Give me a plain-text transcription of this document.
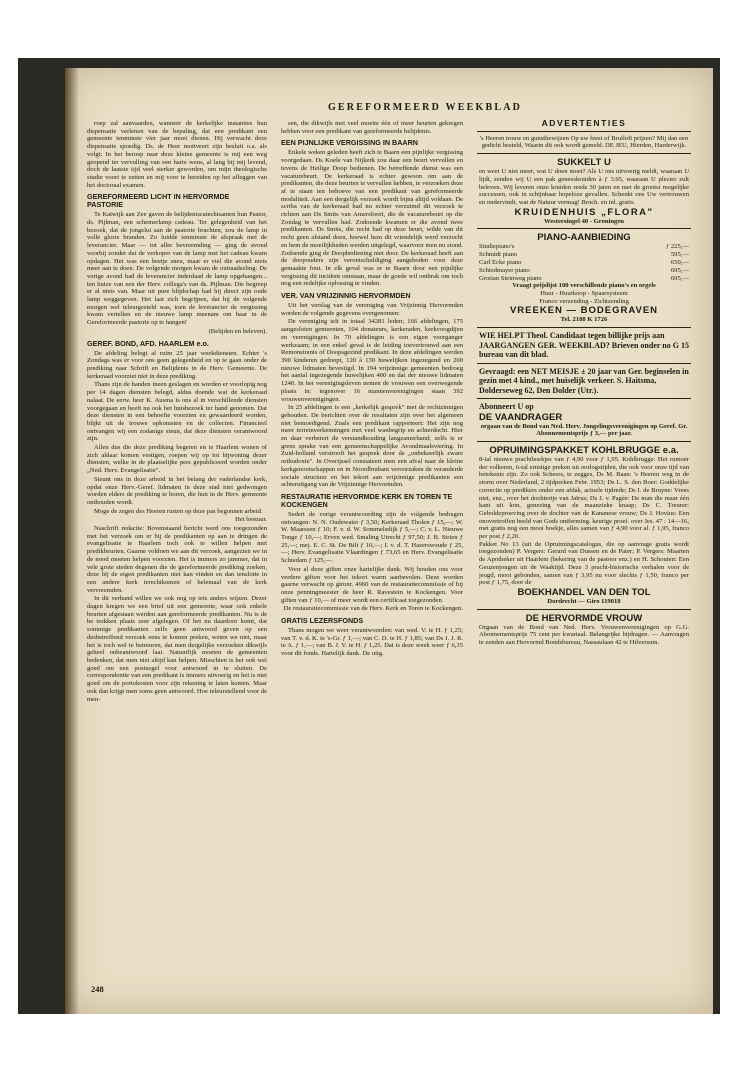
GEREFORMEERD WEEKBLAD

roep zal aanvaarden, wanneer de kerkelijke instanties hun dispensatie verlenen van de bepaling, dat een predikant een gemeente tenminste vier jaar moet dienen. Hij verwacht deze dispensatie spoedig. Ds. de Heer motiveert zijn besluit o.a. als volgt: In het beroep naar deze kleine gemeente is mij een weg geopend ter vervulling van een harte wens, al lang bij mij levend, doch de laatste tijd veel sterker geworden, om mijn theologische studie voort te zetten en mij voor te bereiden op het afleggen van het doctoraal examen.

GEREFORMEERD LICHT IN HERVORMDE PASTORIE

Te Katwijk aan Zee gaven de belijdeniscatechisanten hun Pastor, ds. Pijlman, een schemerlamp cadeau. Ter gelegenheid van het bezoek, dat de jongelui aan de pastorie brachten, zou de lamp in volle glorie branden. Zo luidde tenminste de afspraak met de leverancier. Maar — tot aller bevreemding — ging de avond voorbij zonder dat de verkoper van de lamp met het cadeau kwam opdagen. Het was een beetje sneu, maar er viel die avond niets meer aan te doen. De volgende morgen kwam de ontraadseling: De vorige avond had de leverancier inderdaad de lamp opgehangen... ten huize van een der Herv. collega's van ds. Pijlman. Die begreep er al niets van. Maar uit pure blijdschap had hij direct zijn oude lamp weggegeven. Het laat zich begrijpen, dat hij de volgende morgen wel teleurgesteld was, toen de leverancier de vergissing kwam vertellen en de nieuwe lamp meenam om haar in de Gereformeerde pastorie op te hangen!

(Belijden en beleven).

GEREF. BOND, AFD. HAARLEM e.o.

De afdeling belegt al ruim 25 jaar weekdiensten. Echter 's Zondags was er voor ons geen gelegenheid en op te gaan onder de prediking naar Schrift en Belijdenis in de Herv. Gemeente. De kerkeraad voorziet niet in deze prediking.

Thans zijn de handen ineen geslagen en worden er voorlopig nog per 14 dagen diensten belegd, aldus doende wat de kerkeraad nalaat. De eerw. heer K. Ausma is ons al in verschillende diensten voorgegaan en heeft nu ook het huisbezoek ter hand genomen. Dat deze diensten in een behoefte voorzien en gewaardeerd worden, blijkt uit de trouwe opkomsten en de collecten. Financieel ontvangen wij een zodanige steun, dat deze diensten verantwoord zijn.

Allen dus die deze prediking begeren en te Haarlem wonen of zich aldaar komen vestigen, roepen wij op tot bijwoning dezer diensten, welke in de plaatselijke pers gepubliceerd worden onder „Ned. Herv. Evangelisatie".

Steunt ons in deze arbeid in het belang der vaderlandse kerk, opdat onze Herv.-Geref. lidmaten in deze stad niet gedwongen worden elders de prediking te horen, die hun in de Herv. gemeente onthouden wordt.

Moge de zegen des Heeren rusten op deze pas begonnen arbeid.

Het bestuur.

Naschrift redactie: Bovenstaand bericht werd ons toegezonden met het verzoek om er bij de predikanten op aan te dringen de evangelisatie te Haarlem toch ook te willen helpen met predikbeurten. Gaarne voldoen we aan dit verzoek, aangezien we in de nood moeten helpen voorzien. Het is immers zo jammer, dat in vele grote steden degenen die de gereformeerde prediking zoeken, deze bij de eigen predikanten niet kan vinden en dan tenslotte in een andere kerk terechtkomen of helemaal van de kerk vervreemden.

In dit verband willen we ook nog op iets anders wijzen. Dezer dagen kregen we een brief uit een gemeente, waar ook enkele beurten afgestaan werden aan gereformeerde predikanten. Nu is de be trokken plaats zeer afgelegen. Of het nu daardoor komt, dat sommige predikanten zelfs geen antwoord geven op een desbetreffend verzoek eens te komen preken, weten we niet, maar het is toch wel te betreuren, dat men dergelijke verzoeken dikwijls geheel onbeantwoord laat. Natuurlijk moeten de gemeenten bedenken, dat men niet altijd kan helpen. Misschien is het ook wel goed om een postzegel voor antwoord in te sluiten. De correspondentie van een predikant is immers uitvoerig en het is niet goed om de portokosten voor zijn rekening te laten komen. Maar ook dan krijgt men soms geen antwoord. Hoe teleurstellend voor de men-

sen, die dikwijls met veel moeite één of meer beurten gekregen hebben voor een predikant van gereformeerde belijdenis.

EEN PIJNLIJKE VERGISSING IN BAARN

Enkele weken geleden heeft zich te Baarn een pijnlijke vergissing voorgedaan. Ds Koele van Nijkerk zou daar een beurt vervullen en tevens de Heilige Doop bedienen. De betreffende dienst was een vacaturebeurt. De kerkeraad is echter gewoon om aan de predikanten, die deze beurten te vervullen hebben, te verzoeken deze af te staan ten behoeve van een predikant van gereformeerde modaliteit. Aan een dergelijk verzoek wordt bijna altijd voldaan. De scriba van de kerkeraad had nu echter verzuimd dit verzoek te richten aan Ds Smits van Amersfoort, die de vacaturebeurt op die Zondag te vervullen had. Zodoende kwamen er die avond twee predikanten. Ds Smits, die recht had op deze beurt, wilde van dit recht geen afstand doen, hoewel hem dit vriendelijk werd verzocht en hem de moeilijkheden werden uitgelegd, waarvoor men nu stond. Zodoende ging de Doopbediening niet door. De kerkeraad heeft aan de doopouders zijn verontschuldiging aangeboden voor deze gemaakte fout. In elk geval was er te Baarn door een pijnlijke vergissing dit incident ontstaan, maar de goede wil ontbrak om toch nog een redelijke oplossing te vinden.

VER. VAN VRIJZINNIG HERVORMDEN

Uit het verslag van de vereniging van Vrijzinnig Hervormden worden de volgende gegevens overgenomen:

De vereniging telt in totaal 34281 leden; 166 afdelingen, 175 aangesloten gemeenten, 104 donateurs, kerkeraden, kerkvoogdijen en verenigingen. In 70 afdelingen is een eigen voorganger werkzaam; in een enkel geval is de leiding toevertrouwd aan een Remonstrants of Doopsgezind predikant. In deze afdelingen werden 390 kinderen gedoopt, 120 à 130 huwelijken ingezegend en 200 nieuwe lidmaten bevestigd. In 194 vrijzinnige gemeenten bedroeg het aantal ingezegende huwelijken 400 en dat der nieuwe lidmaten 1240. In het verenigingsleven nemen de vrouwen een overwegende plaats in: tegenover 16 mannenverenigingen staan 392 vrouwenverenigingen.

In 25 afdelingen is een „kerkelijk gesprek" met de rechtzinnigen gehouden. De berichten over de resultaten zijn over het algemeen niet bemoedigend. Zoals een predikant rapporteert: Het zijn nog meer terreinverkenningen met veel wanbegrip en achterdocht. Hier en daar verbetert de verstandhouding langzamerhand; zelfs is er grens sprake van een gemeenschappelijke Avondmaalsviering. In Zuid-holland verstrooft het gesprek door de „onbekeerlijk zware orthodoxie". In Overijssel constateert men een afval naar de kleine kerkgenootschappen en in Noordbrabant veroorzaken de veranderde sociale structuur en het tekort aan vrijzinnige predikanten een achteruitgang van de Vrijzinnige Hervormden.

RESTAURATIE HERVORMDE KERK EN TOREN TE KOCKENGEN

Sedert de vorige verantwoording zijn de volgende bedragen ontvangen: N. N. Oudewater ƒ 3,50; Kerkeraad Tholen ƒ 15,—; W. W. Maarssen ƒ 10; F. v. d. W. Sommelsdijk ƒ 5,—; C. v. L. Nieuwe Tonge ƒ 10,—; Erven wed. Smaling Utrecht ƒ 97,50; J. B. Strien ƒ 25,—; mej. E. C. St. De Bilt ƒ 10,—; I. v. d. T. Hazerswoude ƒ 25,—; Herv. Evangelisatie Vlaardingen ƒ 73,65 en Herv. Evangelisatie Schiedam ƒ 125,—.

Voor al deze giften onze hartelijke dank. Wij houden ons voor verdere giften voor het tekort warm aanbevolen. Deze worden gaarne verwacht op gironr. 4960 van de restauratiecommissie of bij onze penningmeester de heer R. Ravestein te Kockengen. Voor giften van ƒ 10,— of meer wordt een certificaat toegezonden.

De restauratiecommissie van de Herv. Kerk en Toren te Kockengen.

GRATIS LEZERSFONDS

Thans mogen we weer verantwoorden: van wed. V. te H. ƒ 1,25; van T. v. d. K. te 's-Gr. ƒ 1,—; van C. D. te H. ƒ 1,85; van Ds J. J. R. te A. ƒ 1,—; van B. J. V. te H. ƒ 1,25. Dat is deze week weer ƒ 6,35 voor dit fonds. Hartelijk dank. De uitg.

ADVERTENTIES
's Heeren trouw en gunstbewijzen Op uw feest of Bruiloft prijzen? Mij dan een gedicht besteld, Waarin dit ook wordt gemeld. DE JEU, Hierden, Harderwijk.
SUKKELT U
en weet U niet meer, wat U doen moet? Als U ons uitvoerig meldt, waaraan U lijdt, zenden wij U een pak geneeskruiden à ƒ 3.95, waaraan U plezier zult beleven. Wij leveren onze kruiden reeds 30 jaren en met de grootst mogelijke successen, ook in schijnbaar hopeloze gevallen. Schenkt ons Uw vertrouwen en ondervindt, wat de Natuur vermag! Broch. en inl. gratis.
KRUIDENHUIS „FLORA"
Westersingel 40 - Groningen
PIANO-AANBIEDING
Studiepiano's	ƒ 225,—
Schmidt piano	595,—
Carl Ecke piano	650,—
Schiedmayer piano	695,—
Grotian Steinweg piano	695,—
Vraagt prijslijst 100 verschillende piano's en orgels
Huur - Huurkoop - Spaarsysteem
Franco verzending - Zichtzending
VREEKEN — BODEGRAVEN
Tel. 2188 K 1726
WIE HELPT Theol. Candidaat tegen billijke prijs aan JAARGANGEN GER. WEEKBLAD? Brieven onder no G 15 bureau van dit blad.
Gevraagd: een NET MEISJE ± 20 jaar van Ger. beginselen in gezin met 4 kind., met huiselijk verkeer. S. Haitsma, Dolderseweg 62, Den Dolder (Utr.).
Abonneert U op
DE VAANDRAGER
orgaan van de Bond van Ned. Herv. Jongelingsverenigingen op Geref. Gr. Abonnementsprijs ƒ 3,— per jaar.
OPRUIMINGSPAKKET KOHLBRUGGE e.a.
8-tal nieuwe prachtboekjes van ƒ 4,90 voor ƒ 1,95. Kohlbrugge: Het rumoer der volkeren, 6-tal ernstige preken uit oorlogstijden, die ook voor onze tijd van betekenis zijn. Zo ook Scheers, te zegges, Ds M. Baan: 's Heeren weg in de storm over Nederland, 2 tijdpreken Febr. 1953; Ds L. S. den Boer: Goddelijke correctie op predikers onder een afdak, actuele tijdrede; Ds I. de Bruyne: Vrees niet, enz., over het dochtertje van Jaïrus; Ds J. v. Pagée: De man die maar één kant uit kon, genezing van de maanzieke knaap; Ds C. Treurer: Geboldeproeving over de dochter van de Kananese vrouw; Ds J. Hovius: Een onovertroffen beeld van Gods ontferming. keurige proef. over Jes. 47 : 14—16, met gratis nog een mooi boekje, alles samen van ƒ 4,90 voor al. ƒ 1,95, franco per post ƒ 2,20.
Pakket No 13 (uit de Opruimingscatalogus, die op aanvrage gratis wordt toegezonden) P. Vergers: Gerard van Dussen en de Pater; P. Vergers: Maarten de Apotheker uit Haarlem (bekering van de pastoor enz.) en H. Schouten: Een Geuzenjongen uit de Waaktijd. Deze 3 pracht-historische verhalen voor de jeugd, mooi gebonden, samen van ƒ 3,95 nu voor slechts ƒ 1,50, franco per post ƒ 1,75, door de
BOEKHANDEL VAN DEN TOL
Dordrecht — Giro 119018
DE HERVORMDE VROUW
Orgaan van de Bond van Ned. Herv. Vrouwenverenigingen op G.G. Abonnementsprijs 75 cent per kwartaal. Belangrijke bijdragen. — Aanvragen te zenden aan Hervormd Bondsbureau, Nassaulaan 42 te Hilversum.
248
